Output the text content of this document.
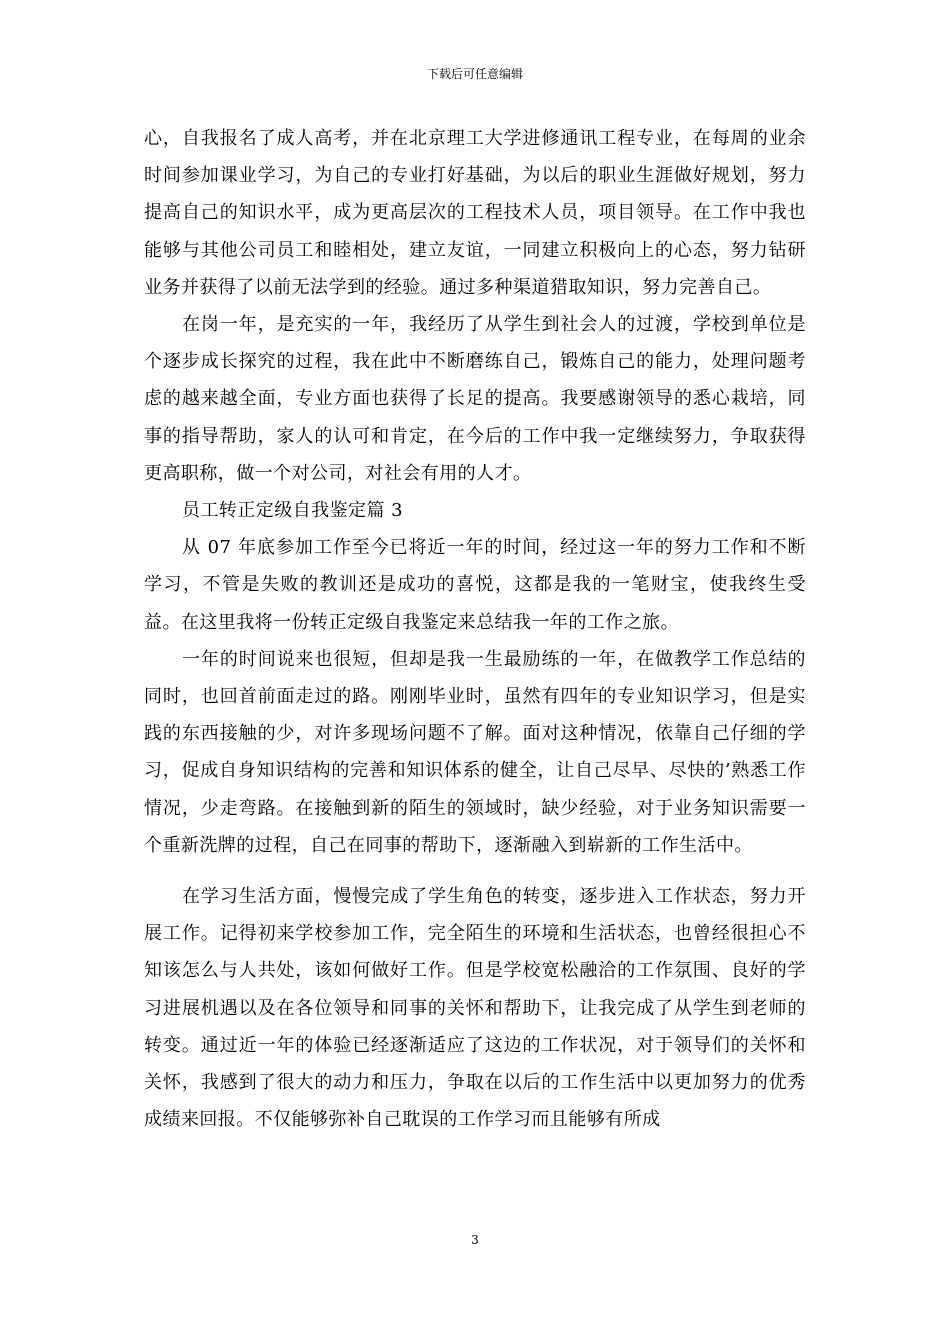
下载后可任意编辑

心，自我报名了成人高考，并在北京理工大学进修通讯工程专业，在每周的业余时间参加课业学习，为自己的专业打好基础，为以后的职业生涯做好规划，努力提高自己的知识水平，成为更高层次的工程技术人员，项目领导。在工作中我也能够与其他公司员工和睦相处，建立友谊，一同建立积极向上的心态，努力钻研业务并获得了以前无法学到的经验。通过多种渠道猎取知识，努力完善自己。

在岗一年，是充实的一年，我经历了从学生到社会人的过渡，学校到单位是个逐步成长探究的过程，我在此中不断磨练自己，锻炼自己的能力，处理问题考虑的越来越全面，专业方面也获得了长足的提高。我要感谢领导的悉心栽培，同事的指导帮助，家人的认可和肯定，在今后的工作中我一定继续努力，争取获得更高职称，做一个对公司，对社会有用的人才。

员工转正定级自我鉴定篇 3

从 07 年底参加工作至今已将近一年的时间，经过这一年的努力工作和不断学习，不管是失败的教训还是成功的喜悦，这都是我的一笔财宝，使我终生受益。在这里我将一份转正定级自我鉴定来总结我一年的工作之旅。

一年的时间说来也很短，但却是我一生最励练的一年，在做教学工作总结的同时，也回首前面走过的路。刚刚毕业时，虽然有四年的专业知识学习，但是实践的东西接触的少，对许多现场问题不了解。面对这种情况，依靠自己仔细的学习，促成自身知识结构的完善和知识体系的健全，让自己尽早、尽快的’熟悉工作情况，少走弯路。在接触到新的陌生的领域时，缺少经验，对于业务知识需要一个重新洗牌的过程，自己在同事的帮助下，逐渐融入到崭新的工作生活中。

在学习生活方面，慢慢完成了学生角色的转变，逐步进入工作状态，努力开展工作。记得初来学校参加工作，完全陌生的环境和生活状态，也曾经很担心不知该怎么与人共处，该如何做好工作。但是学校宽松融洽的工作氛围、良好的学习进展机遇以及在各位领导和同事的关怀和帮助下，让我完成了从学生到老师的转变。通过近一年的体验已经逐渐适应了这边的工作状况，对于领导们的关怀和关怀，我感到了很大的动力和压力，争取在以后的工作生活中以更加努力的优秀成绩来回报。不仅能够弥补自己耽误的工作学习而且能够有所成

3
